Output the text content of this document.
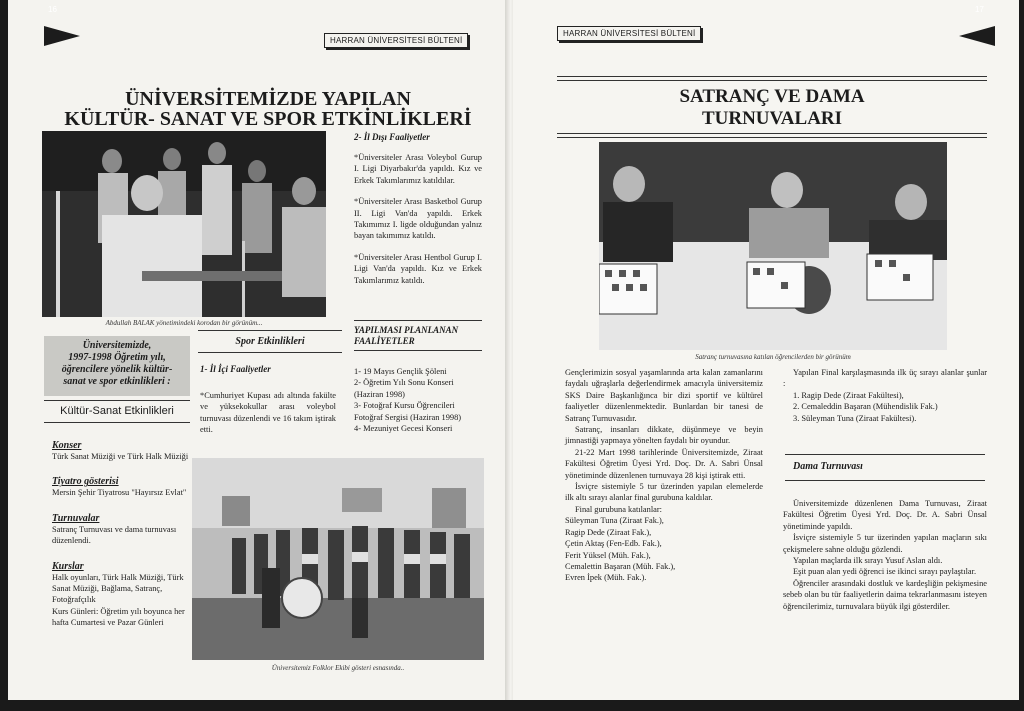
16
HARRAN ÜNİVERSİTESİ BÜLTENİ
ÜNİVERSİTEMİZDE YAPILAN
KÜLTÜR- SANAT VE SPOR ETKİNLİKLERİ
Abdullah BALAK yönetimindeki korodan bir görünüm...
Üniversitemizde,
1997-1998 Öğretim yılı,
öğrencilere yönelik kültür-
sanat ve spor etkinlikleri :
Kültür-Sanat Etkinlikleri
Konser
Türk Sanat Müziği ve Türk Halk Müziği
Tiyatro gösterisi
Mersin Şehir Tiyatrosu "Hayırsız Evlat"
Turnuvalar
Satranç Turnuvası ve dama turnuvası düzenlendi.
Kurslar
Halk oyunları, Türk Halk Müziği, Türk Sanat Müziği, Bağlama, Satranç, Fotoğrafçılık
Kurs Günleri: Öğretim yılı boyunca her hafta Cumartesi ve Pazar Günleri
Spor Etkinlikleri
1- İl İçi Faaliyetler
*Cumhuriyet Kupası adı altında fakülte ve yüksekokullar arası voleybol turnuvası düzenlendi ve 16 takım iştirak etti.
2- İl Dışı Faaliyetler

*Üniversiteler Arası Voleybol Gurup I. Ligi Diyarbakır'da yapıldı. Kız ve Erkek Takımlarımız katıldılar.

*Üniversiteler Arası Basketbol Gurup II. Ligi Van'da yapıldı. Erkek Takımımız I. ligde olduğundan yalnız bayan takımımız katıldı.

*Üniversiteler Arası Hentbol Gurup I. Ligi Van'da yapıldı. Kız ve Erkek Takımlarımız katıldı.

YAPILMASI PLANLANAN
FAALİYETLER
1- 19 Mayıs Gençlik Şöleni
2- Öğretim Yılı Sonu Konseri (Haziran 1998)
3- Fotoğraf Kursu Öğrencileri Fotoğraf Sergisi (Haziran 1998)
4- Mezuniyet Gecesi Konseri
Üniversitemiz Folklor Ekibi gösteri esnasında..
HARRAN ÜNİVERSİTESİ BÜLTENİ
17
SATRANÇ VE DAMA
TURNUVALARI
Satranç turnuvasına katılan öğrencilerden bir görünüm

Gençlerimizin sosyal yaşamlarında arta kalan zamanlarını faydalı uğraşlarla değerlendirmek amacıyla üniversitemiz SKS Daire Başkanlığınca bir dizi sportif ve kültürel faaliyetler düzenlenmektedir. Bunlardan bir tanesi de Satranç Turnuvasıdır.

Satranç, insanları dikkate, düşünmeye ve beyin jimnastiği yapmaya yönelten faydalı bir oyundur.

21-22 Mart 1998 tarihlerinde Üniversitemizde, Ziraat Fakültesi Öğretim Üyesi Yrd. Doç. Dr. A. Sabri Ünsal yönetiminde düzenlenen turnuvaya 28 kişi iştirak etti.

İsviçre sistemiyle 5 tur üzerinden yapılan elemelerde ilk altı sırayı alanlar final gurubuna kaldılar.

Final gurubuna katılanlar:

Süleyman Tuna (Ziraat Fak.),
Ragip Dede (Ziraat Fak.),
Çetin Aktaş (Fen-Edb. Fak.),
Ferit Yüksel (Müh. Fak.),
Cemalettin Başaran (Müh. Fak.),
Evren İpek (Müh. Fak.).

Yapılan Final karşılaşmasında ilk üç sırayı alanlar şunlar :

1. Ragip Dede (Ziraat Fakültesi),
2. Cemaleddin Başaran (Mühendislik Fak.)
3. Süleyman Tuna (Ziraat Fakültesi).
Dama Turnuvası

Üniversitemizde düzenlenen Dama Turnuvası, Ziraat Fakültesi Öğretim Üyesi Yrd. Doç. Dr. A. Sabri Ünsal yönetiminde yapıldı.

İsviçre sistemiyle 5 tur üzerinden yapılan maçların sıkı çekişmelere sahne olduğu gözlendi.

Yapılan maçlarda ilk sırayı Yusuf Aslan aldı.

Eşit puan alan yedi öğrenci ise ikinci sırayı paylaştılar.

Öğrenciler arasındaki dostluk ve kardeşliğin pekişmesine sebeb olan bu tür faaliyetlerin daima tekrarlanmasını isteyen öğrencilerimiz, turnuvalara büyük ilgi gösterdiler.
